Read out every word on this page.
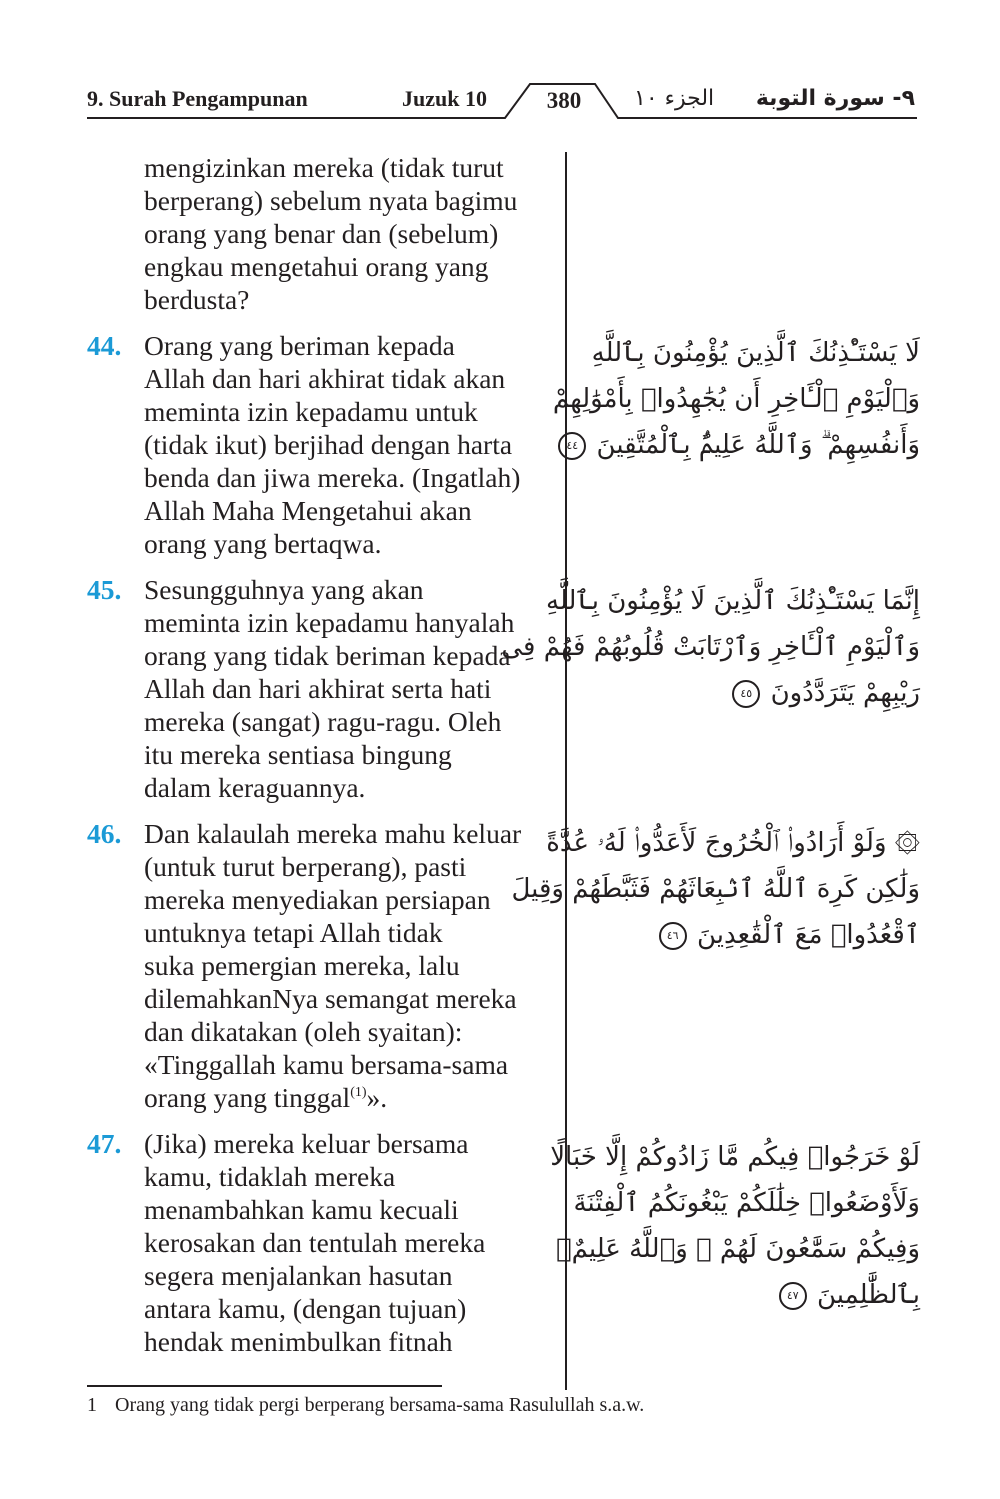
9. Surah Pengampunan	Juzuk 10	380	الجزء ١٠ ٩- سورة التوبة
mengizinkan mereka (tidak turut
berperang) sebelum nyata bagimu
orang yang benar dan (sebelum)
engkau mengetahui orang yang
berdusta?
44. Orang yang beriman kepada
Allah dan hari akhirat tidak akan
meminta izin kepadamu untuk
(tidak ikut) berjihad dengan harta
benda dan jiwa mereka. (Ingatlah)
Allah Maha Mengetahui akan
orang yang bertaqwa.
45. Sesungguhnya yang akan
meminta izin kepadamu hanyalah
orang yang tidak beriman kepada
Allah dan hari akhirat serta hati
mereka (sangat) ragu-ragu. Oleh
itu mereka sentiasa bingung
dalam keraguannya.
46. Dan kalaulah mereka mahu keluar
(untuk turut berperang), pasti
mereka menyediakan persiapan
untuknya tetapi Allah tidak
suka pemergian mereka, lalu
dilemahkanNya semangat mereka
dan dikatakan (oleh syaitan):
«Tinggallah kamu bersama-sama
orang yang tinggal$^{(1)}$».
47. (Jika) mereka keluar bersama
kamu, tidaklah mereka
menambahkan kamu kecuali
kerosakan dan tentulah mereka
segera menjalankan hasutan
antara kamu, (dengan tujuan)
hendak menimbulkan fitnah
لَا يَسْتَـْٔذِنُكَ ٱلَّذِينَ يُؤْمِنُونَ بِٱللَّهِ
وَٱلْيَوْمِ ٱلْـَٔاخِرِ أَن يُجَٰهِدُوا۟ بِأَمْوَٰلِهِمْ
وَأَنفُسِهِمْ ۗ وَٱللَّهُ عَلِيمٌۢ بِٱلْمُتَّقِينَ ٤٤
إِنَّمَا يَسْتَـْٔذِنُكَ ٱلَّذِينَ لَا يُؤْمِنُونَ بِٱللَّهِ
وَٱلْيَوْمِ ٱلْـَٔاخِرِ وَٱرْتَابَتْ قُلُوبُهُمْ فَهُمْ فِى
رَيْبِهِمْ يَتَرَدَّدُونَ ٤٥
۞ وَلَوْ أَرَادُوا۟ ٱلْخُرُوجَ لَأَعَدُّوا۟ لَهُۥ عُدَّةً
وَلَٰكِن كَرِهَ ٱللَّهُ ٱنۢبِعَاثَهُمْ فَثَبَّطَهُمْ وَقِيلَ
ٱقْعُدُوا۟ مَعَ ٱلْقَٰعِدِينَ ٤٦
لَوْ خَرَجُوا۟ فِيكُم مَّا زَادُوكُمْ إِلَّا خَبَالًا
وَلَأَوْضَعُوا۟ خِلَٰلَكُمْ يَبْغُونَكُمُ ٱلْفِتْنَةَ
وَفِيكُمْ سَمَّٰعُونَ لَهُمْ ۗ وَٱللَّهُ عَلِيمٌۢ
بِٱلظَّٰلِمِينَ ٤٧
1 Orang yang tidak pergi berperang bersama-sama Rasulullah s.a.w.
